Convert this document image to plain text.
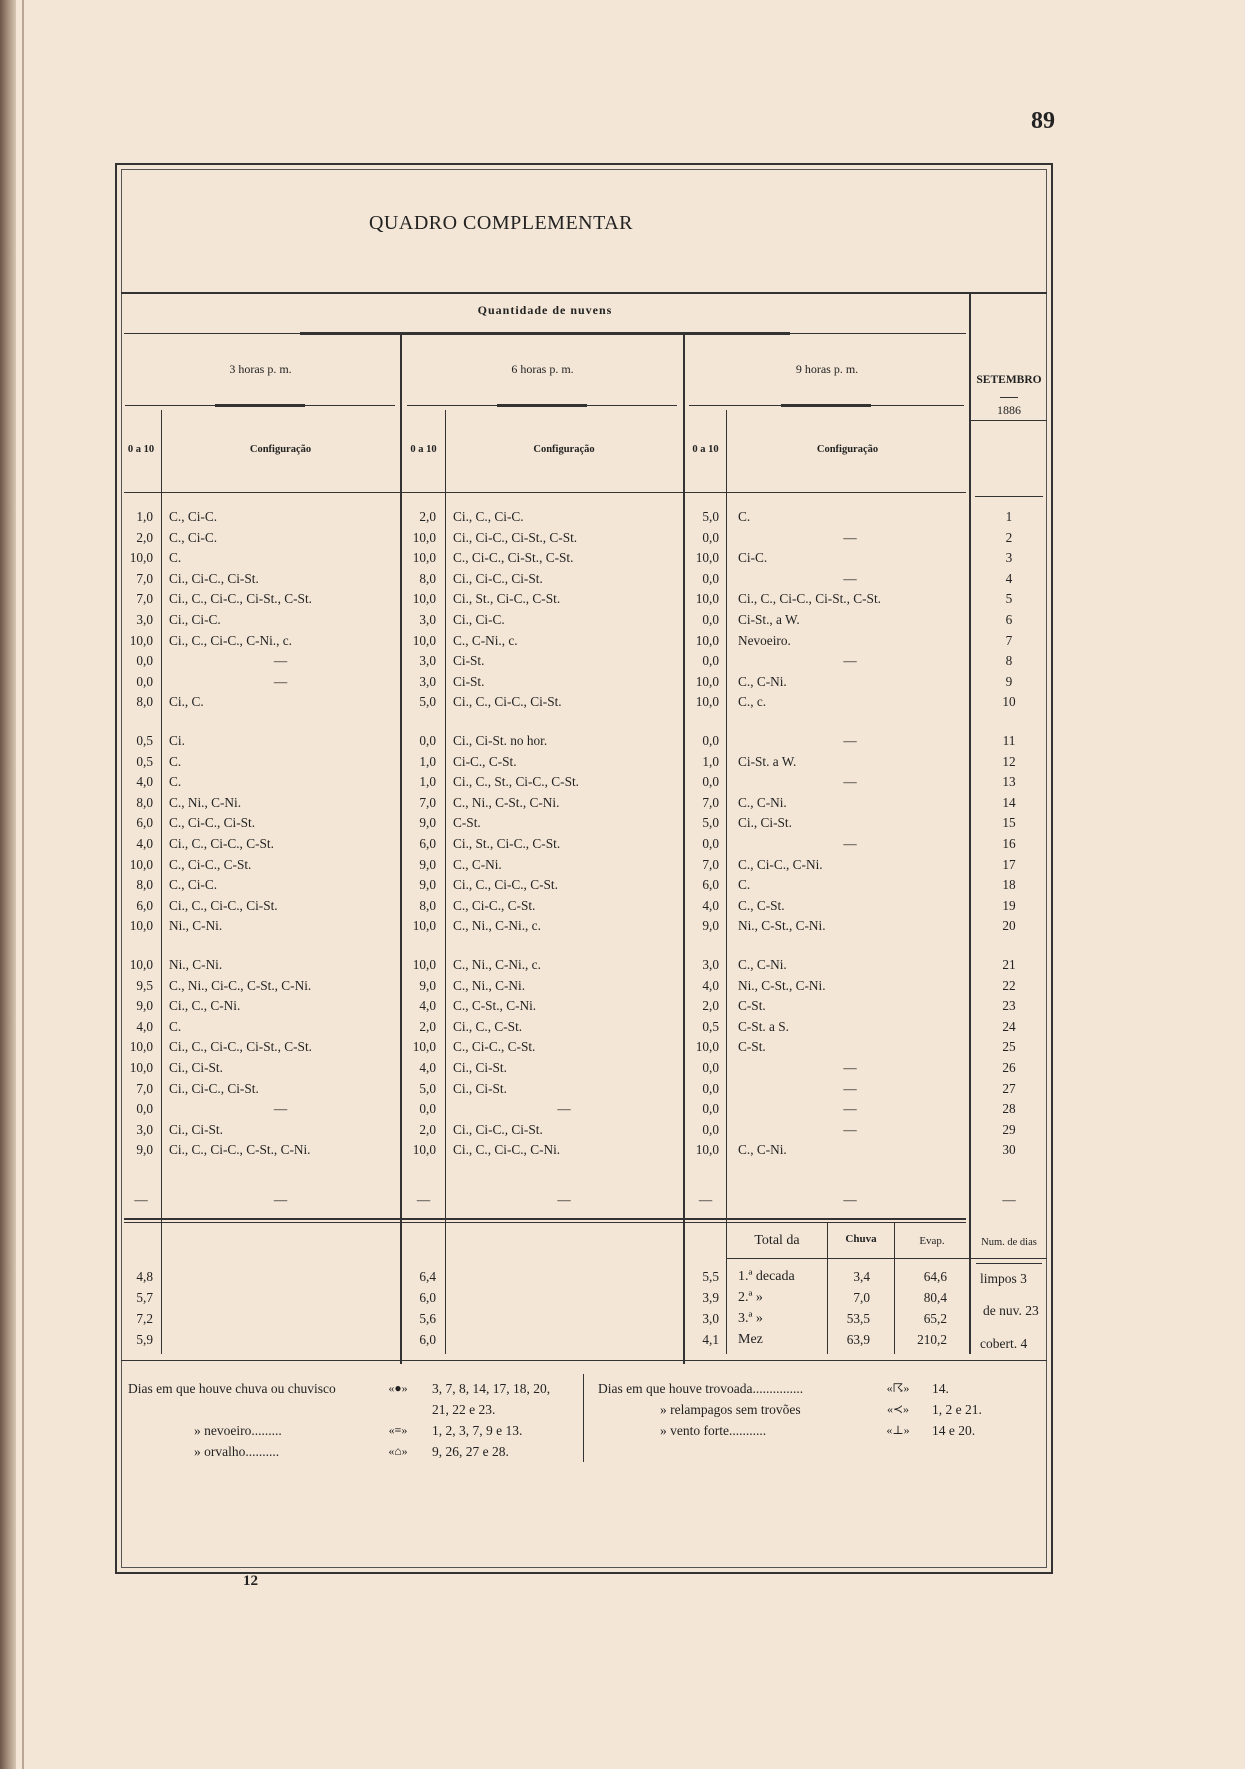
89
QUADRO COMPLEMENTAR
Quantidade de nuvens
3 horas p. m.	6 horas p. m.	9 horas p. m.
0 a 10	Configuração	0 a 10	Configuração	0 a 10	Configuração
SETEMBRO
1886
1,0 C., Ci-C.	2,0 Ci., C., Ci-C.	5,0 C.	1
2,0 C., Ci-C.	10,0 Ci., Ci-C., Ci-St., C-St.	0,0	—	2
10,0 C.	10,0 C., Ci-C., Ci-St., C-St.	10,0 Ci-C.	3
7,0 Ci., Ci-C., Ci-St.	8,0 Ci., Ci-C., Ci-St.	0,0	—	4
7,0 Ci., C., Ci-C., Ci-St., C-St.	10,0 Ci., St., Ci-C., C-St.	10,0 Ci., C., Ci-C., Ci-St., C-St.	5
3,0 Ci., Ci-C.	3,0 Ci., Ci-C.	0,0 Ci-St., a W.	6
10,0 Ci., C., Ci-C., C-Ni., c.	10,0 C., C-Ni., c.	10,0 Nevoeiro.	7
0,0	—	3,0 Ci-St.	0,0	—	8
0,0	—	3,0 Ci-St.	10,0 C., C-Ni.	9
8,0 Ci., C.	5,0 Ci., C., Ci-C., Ci-St.	10,0 C., c.	10
0,5 Ci.	0,0 Ci., Ci-St. no hor.	0,0	—	11
0,5 C.	1,0 Ci-C., C-St.	1,0 Ci-St. a W.	12
4,0 C.	1,0 Ci., C., St., Ci-C., C-St.	0,0	—	13
8,0 C., Ni., C-Ni.	7,0 C., Ni., C-St., C-Ni.	7,0 C., C-Ni.	14
6,0 C., Ci-C., Ci-St.	9,0 C-St.	5,0 Ci., Ci-St.	15
4,0 Ci., C., Ci-C., C-St.	6,0 Ci., St., Ci-C., C-St.	0,0	—	16
10,0 C., Ci-C., C-St.	9,0 C., C-Ni.	7,0 C., Ci-C., C-Ni.	17
8,0 C., Ci-C.	9,0 Ci., C., Ci-C., C-St.	6,0 C.	18
6,0 Ci., C., Ci-C., Ci-St.	8,0 C., Ci-C., C-St.	4,0 C., C-St.	19
10,0 Ni., C-Ni.	10,0 C., Ni., C-Ni., c.	9,0 Ni., C-St., C-Ni.	20
10,0 Ni., C-Ni.	10,0 C., Ni., C-Ni., c.	3,0 C., C-Ni.	21
9,5 C., Ni., Ci-C., C-St., C-Ni.	9,0 C., Ni., C-Ni.	4,0 Ni., C-St., C-Ni.	22
9,0 Ci., C., C-Ni.	4,0 C., C-St., C-Ni.	2,0 C-St.	23
4,0 C.	2,0 Ci., C., C-St.	0,5 C-St. a S.	24
10,0 Ci., C., Ci-C., Ci-St., C-St.	10,0 C., Ci-C., C-St.	10,0 C-St.	25
10,0 Ci., Ci-St.	4,0 Ci., Ci-St.	0,0	—	26
7,0 Ci., Ci-C., Ci-St.	5,0 Ci., Ci-St.	0,0	—	27
0,0	—	0,0	—	0,0	—	28
3,0 Ci., Ci-St.	2,0 Ci., Ci-C., Ci-St.	0,0	—	29
9,0 Ci., C., Ci-C., C-St., C-Ni.	10,0 Ci., C., Ci-C., C-Ni.	10,0 C., C-Ni.	30
—	—	—	—	—	—	—
Total da	Chuva	Evap.	Num. de dias
4,8	6,4	5,5 1.ª decada	3,4	64,6
5,7	6,0	3,9 2.ª »	7,0	80,4
7,2	5,6	3,0 3.ª »	53,5	65,2
5,9	6,0	4,1 Mez	63,9	210,2
limpos 3
de nuv. 23
cobert. 4
Dias em que houve chuva ou chuvisco	«●»	3, 7, 8, 14, 17, 18, 20,
21, 22 e 23.
» nevoeiro.........	«≡»	1, 2, 3, 7, 9 e 13.
» orvalho..........	«⌂»	9, 26, 27 e 28.
Dias em que houve trovoada...............	«☈»	14.
» relampagos sem trovões	«≺»	1, 2 e 21.
» vento forte...........	«⊥»	14 e 20.
12
